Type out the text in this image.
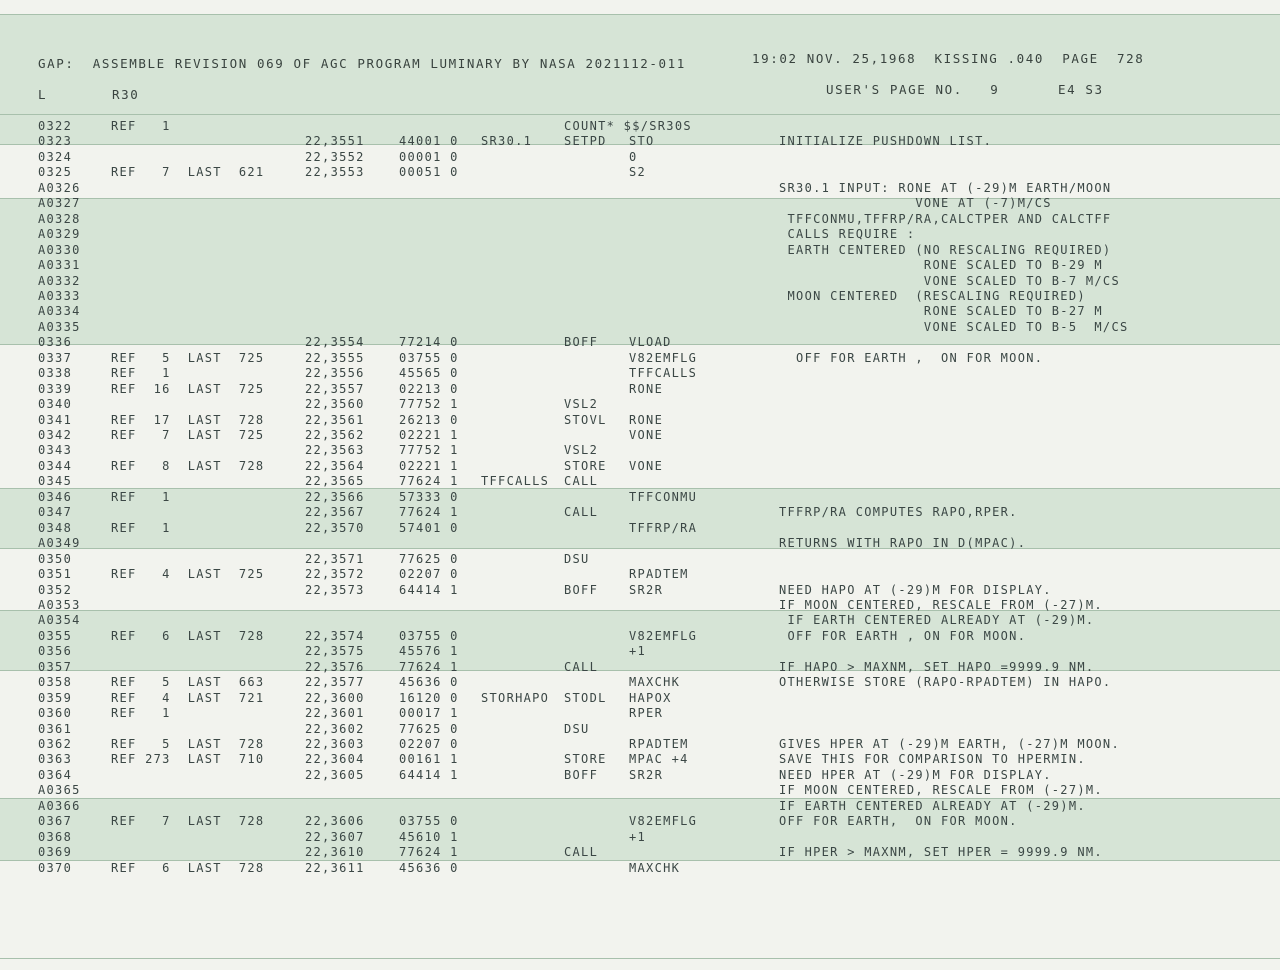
GAP:  ASSEMBLE REVISION 069 OF AGC PROGRAM LUMINARY BY NASA 2021112-011	19:02 NOV. 25,1968  KISSING .040  PAGE  728
L	R30	USER'S PAGE NO.   9	E4 S3
0322	REF   1	COUNT* $$/SR30S
0323	22,3551	44001 0 SR30.1	SETPD STO	INITIALIZE PUSHDOWN LIST.
0324	22,3552	00001 0	0
0325	REF   7  LAST  621	22,3553	00051 0	S2
A0326	SR30.1 INPUT: RONE AT (-29)M EARTH/MOON
A0327	VONE AT (-7)M/CS
A0328	TFFCONMU,TFFRP/RA,CALCTPER AND CALCTFF
A0329	CALLS REQUIRE :
A0330	EARTH CENTERED (NO RESCALING REQUIRED)
A0331	RONE SCALED TO B-29 M
A0332	VONE SCALED TO B-7 M/CS
A0333	MOON CENTERED  (RESCALING REQUIRED)
A0334	RONE SCALED TO B-27 M
A0335	VONE SCALED TO B-5  M/CS
0336	22,3554	77214 0	BOFF	VLOAD
0337	REF   5  LAST  725	22,3555	03755 0	V82EMFLG	OFF FOR EARTH ,  ON FOR MOON.
0338	REF   1	22,3556	45565 0	TFFCALLS
0339	REF  16  LAST  725	22,3557	02213 0	RONE
0340	22,3560	77752 1	VSL2
0341	REF  17  LAST  728	22,3561	26213 0	STOVL RONE
0342	REF   7  LAST  725	22,3562	02221 1	VONE
0343	22,3563	77752 1	VSL2
0344	REF   8  LAST  728	22,3564	02221 1	STORE VONE
0345	22,3565	77624 1 TFFCALLS CALL
0346	REF   1	22,3566	57333 0	TFFCONMU
0347	22,3567	77624 1	CALL	TFFRP/RA COMPUTES RAPO,RPER.
0348	REF   1	22,3570	57401 0	TFFRP/RA
A0349	RETURNS WITH RAPO IN D(MPAC).
0350	22,3571	77625 0	DSU
0351	REF   4  LAST  725	22,3572	02207 0	RPADTEM
0352	22,3573	64414 1	BOFF	SR2R	NEED HAPO AT (-29)M FOR DISPLAY.
A0353	IF MOON CENTERED, RESCALE FROM (-27)M.
A0354	IF EARTH CENTERED ALREADY AT (-29)M.
0355	REF   6  LAST  728	22,3574	03755 0	V82EMFLG	OFF FOR EARTH , ON FOR MOON.
0356	22,3575	45576 1	+1
0357	22,3576	77624 1	CALL	IF HAPO > MAXNM, SET HAPO =9999.9 NM.
0358	REF   5  LAST  663	22,3577	45636 0	MAXCHK	OTHERWISE STORE (RAPO-RPADTEM) IN HAPO.
0359	REF   4  LAST  721	22,3600	16120 0 STORHAPO STODL HAPOX
0360	REF   1	22,3601	00017 1	RPER
0361	22,3602	77625 0	DSU
0362	REF   5  LAST  728	22,3603	02207 0	RPADTEM	GIVES HPER AT (-29)M EARTH, (-27)M MOON.
0363	REF 273  LAST  710	22,3604	00161 1	STORE MPAC +4	SAVE THIS FOR COMPARISON TO HPERMIN.
0364	22,3605	64414 1	BOFF	SR2R	NEED HPER AT (-29)M FOR DISPLAY.
A0365	IF MOON CENTERED, RESCALE FROM (-27)M.
A0366	IF EARTH CENTERED ALREADY AT (-29)M.
0367	REF   7  LAST  728	22,3606	03755 0	V82EMFLG	OFF FOR EARTH,  ON FOR MOON.
0368	22,3607	45610 1	+1
0369	22,3610	77624 1	CALL	IF HPER > MAXNM, SET HPER = 9999.9 NM.
0370	REF   6  LAST  728	22,3611	45636 0	MAXCHK
